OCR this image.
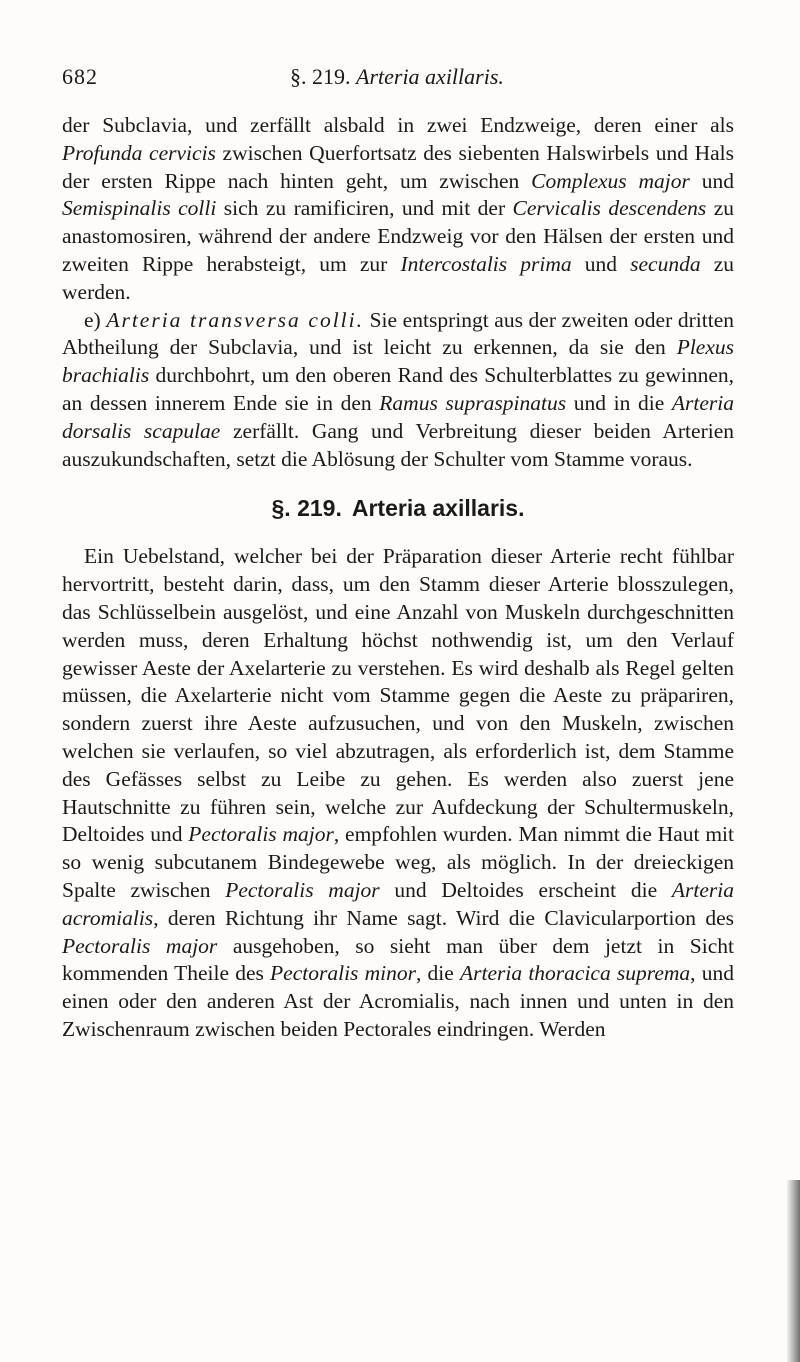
682	§. 219. Arteria axillaris.

der Subclavia, und zerfällt alsbald in zwei Endzweige, deren einer als Profunda cervicis zwischen Querfortsatz des siebenten Halswirbels und Hals der ersten Rippe nach hinten geht, um zwischen Complexus major und Semispinalis colli sich zu ramificiren, und mit der Cervicalis descendens zu anastomosiren, während der andere Endzweig vor den Hälsen der ersten und zweiten Rippe herabsteigt, um zur Intercostalis prima und secunda zu werden.

e) Arteria transversa colli. Sie entspringt aus der zweiten oder dritten Abtheilung der Subclavia, und ist leicht zu erkennen, da sie den Plexus brachialis durchbohrt, um den oberen Rand des Schulterblattes zu gewinnen, an dessen innerem Ende sie in den Ramus supraspinatus und in die Arteria dorsalis scapulae zerfällt. Gang und Verbreitung dieser beiden Arterien auszukundschaften, setzt die Ablösung der Schulter vom Stamme voraus.

§. 219. Arteria axillaris.

Ein Uebelstand, welcher bei der Präparation dieser Arterie recht fühlbar hervortritt, besteht darin, dass, um den Stamm dieser Arterie blosszulegen, das Schlüsselbein ausgelöst, und eine Anzahl von Muskeln durchgeschnitten werden muss, deren Erhaltung höchst nothwendig ist, um den Verlauf gewisser Aeste der Axelarterie zu verstehen. Es wird deshalb als Regel gelten müssen, die Axelarterie nicht vom Stamme gegen die Aeste zu präpariren, sondern zuerst ihre Aeste aufzusuchen, und von den Muskeln, zwischen welchen sie verlaufen, so viel abzutragen, als erforderlich ist, dem Stamme des Gefässes selbst zu Leibe zu gehen. Es werden also zuerst jene Hautschnitte zu führen sein, welche zur Aufdeckung der Schultermuskeln, Deltoides und Pectoralis major, empfohlen wurden. Man nimmt die Haut mit so wenig subcutanem Bindegewebe weg, als möglich. In der dreieckigen Spalte zwischen Pectoralis major und Deltoides erscheint die Arteria acromialis, deren Richtung ihr Name sagt. Wird die Clavicularportion des Pectoralis major ausgehoben, so sieht man über dem jetzt in Sicht kommenden Theile des Pectoralis minor, die Arteria thoracica suprema, und einen oder den anderen Ast der Acromialis, nach innen und unten in den Zwischenraum zwischen beiden Pectorales eindringen. Werden
